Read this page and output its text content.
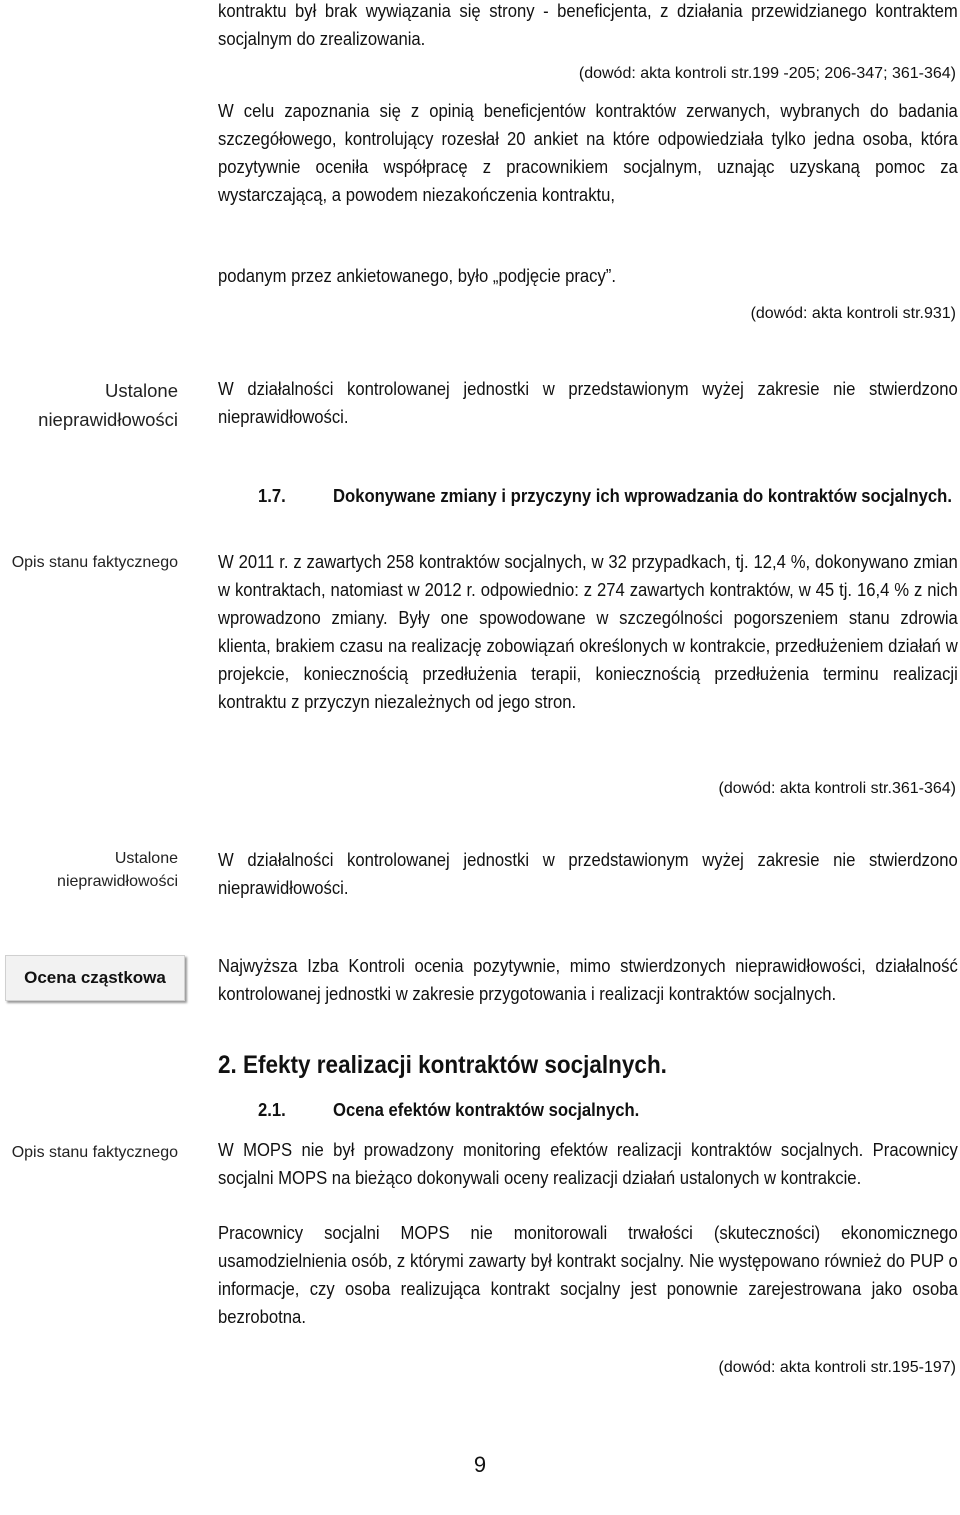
kontraktu był brak wywiązania się strony - beneficjenta, z działania przewidzianego kontraktem socjalnym do zrealizowania.
(dowód: akta kontroli str.199 -205; 206-347; 361-364)
W celu zapoznania się z opinią beneficjentów kontraktów zerwanych, wybranych do badania szczegółowego, kontrolujący rozesłał 20 ankiet na które odpowiedziała tylko jedna osoba, która pozytywnie oceniła współpracę z pracownikiem socjalnym, uznając uzyskaną pomoc za wystarczającą, a powodem niezakończenia kontraktu,
podanym przez ankietowanego, było „podjęcie pracy”.
(dowód: akta kontroli str.931)
Ustalone nieprawidłowości
W działalności kontrolowanej jednostki w przedstawionym wyżej zakresie nie stwierdzono nieprawidłowości.
1.7.	Dokonywane zmiany i przyczyny ich wprowadzania do kontraktów socjalnych.
Opis stanu faktycznego W 2011 r. z zawartych 258 kontraktów socjalnych, w 32 przypadkach, tj. 12,4 %, dokonywano zmian w kontraktach, natomiast w 2012 r. odpowiednio: z 274 zawartych kontraktów, w 45 tj. 16,4 % z nich wprowadzono zmiany. Były one spowodowane w szczególności pogorszeniem stanu zdrowia klienta, brakiem czasu na realizację zobowiązań określonych w kontrakcie, przedłużeniem działań w projekcie, koniecznością przedłużenia terapii, koniecznością przedłużenia terminu realizacji kontraktu z przyczyn niezależnych od jego stron.
(dowód: akta kontroli str.361-364)
Ustalone nieprawidłowości
W działalności kontrolowanej jednostki w przedstawionym wyżej zakresie nie stwierdzono nieprawidłowości.
Ocena cząstkowa
Najwyższa Izba Kontroli ocenia pozytywnie, mimo stwierdzonych nieprawidłowości, działalność kontrolowanej jednostki w zakresie przygotowania i realizacji kontraktów socjalnych.
2. Efekty realizacji kontraktów socjalnych.
2.1.	Ocena efektów kontraktów socjalnych.
Opis stanu faktycznego W MOPS nie był prowadzony monitoring efektów realizacji kontraktów socjalnych. Pracownicy socjalni MOPS na bieżąco dokonywali oceny realizacji działań ustalonych w kontrakcie.
Pracownicy socjalni MOPS nie monitorowali trwałości (skuteczności) ekonomicznego usamodzielnienia osób, z którymi zawarty był kontrakt socjalny. Nie występowano również do PUP o informacje, czy osoba realizująca kontrakt socjalny jest ponownie zarejestrowana jako osoba bezrobotna.
(dowód: akta kontroli str.195-197)
9
